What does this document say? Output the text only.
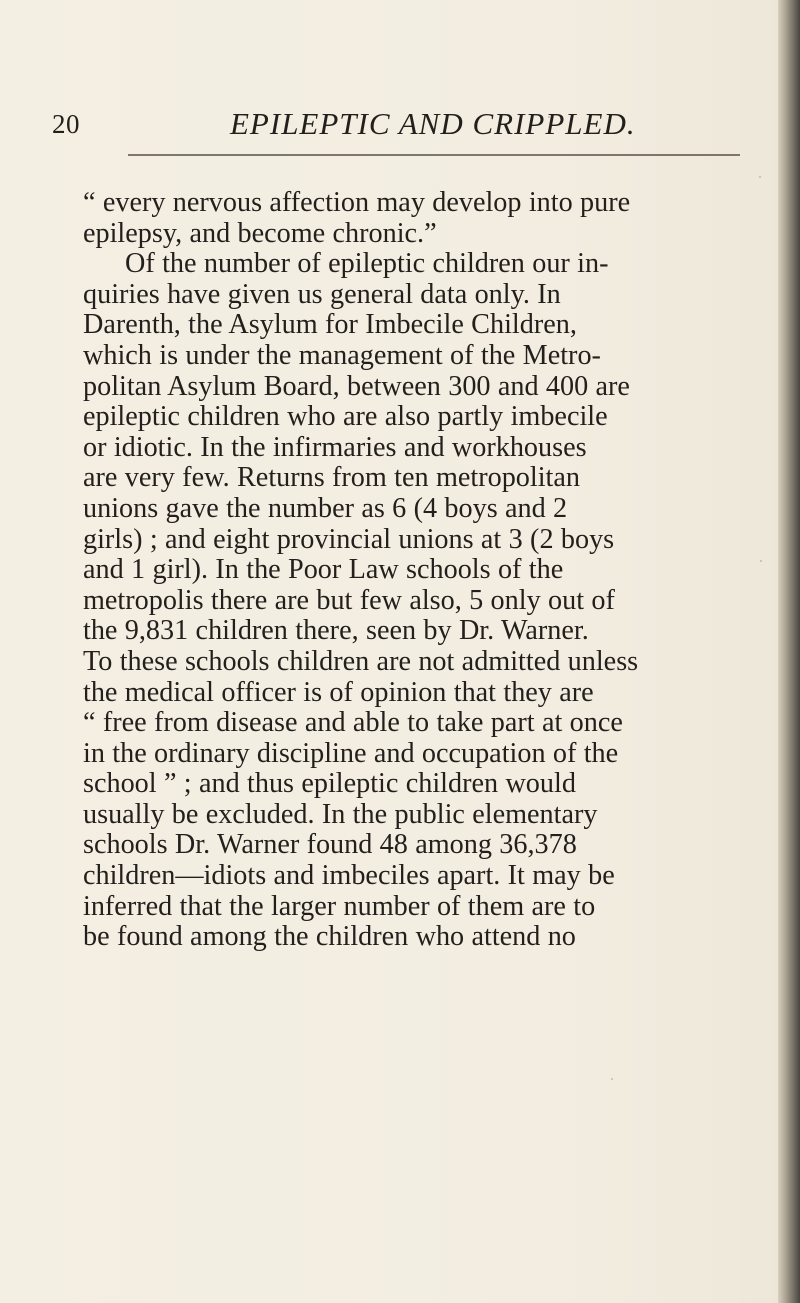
20	EPILEPTIC AND CRIPPLED.
“ every nervous affection may develop into pure
epilepsy, and become chronic.”
Of the number of epileptic children our in-
quiries have given us general data only. In
Darenth, the Asylum for Imbecile Children,
which is under the management of the Metro-
politan Asylum Board, between 300 and 400 are
epileptic children who are also partly imbecile
or idiotic. In the infirmaries and workhouses
are very few. Returns from ten metropolitan
unions gave the number as 6 (4 boys and 2
girls) ; and eight provincial unions at 3 (2 boys
and 1 girl). In the Poor Law schools of the
metropolis there are but few also, 5 only out of
the 9,831 children there, seen by Dr. Warner.
To these schools children are not admitted unless
the medical officer is of opinion that they are
“ free from disease and able to take part at once
in the ordinary discipline and occupation of the
school ” ; and thus epileptic children would
usually be excluded. In the public elementary
schools Dr. Warner found 48 among 36,378
children—idiots and imbeciles apart. It may be
inferred that the larger number of them are to
be found among the children who attend no
